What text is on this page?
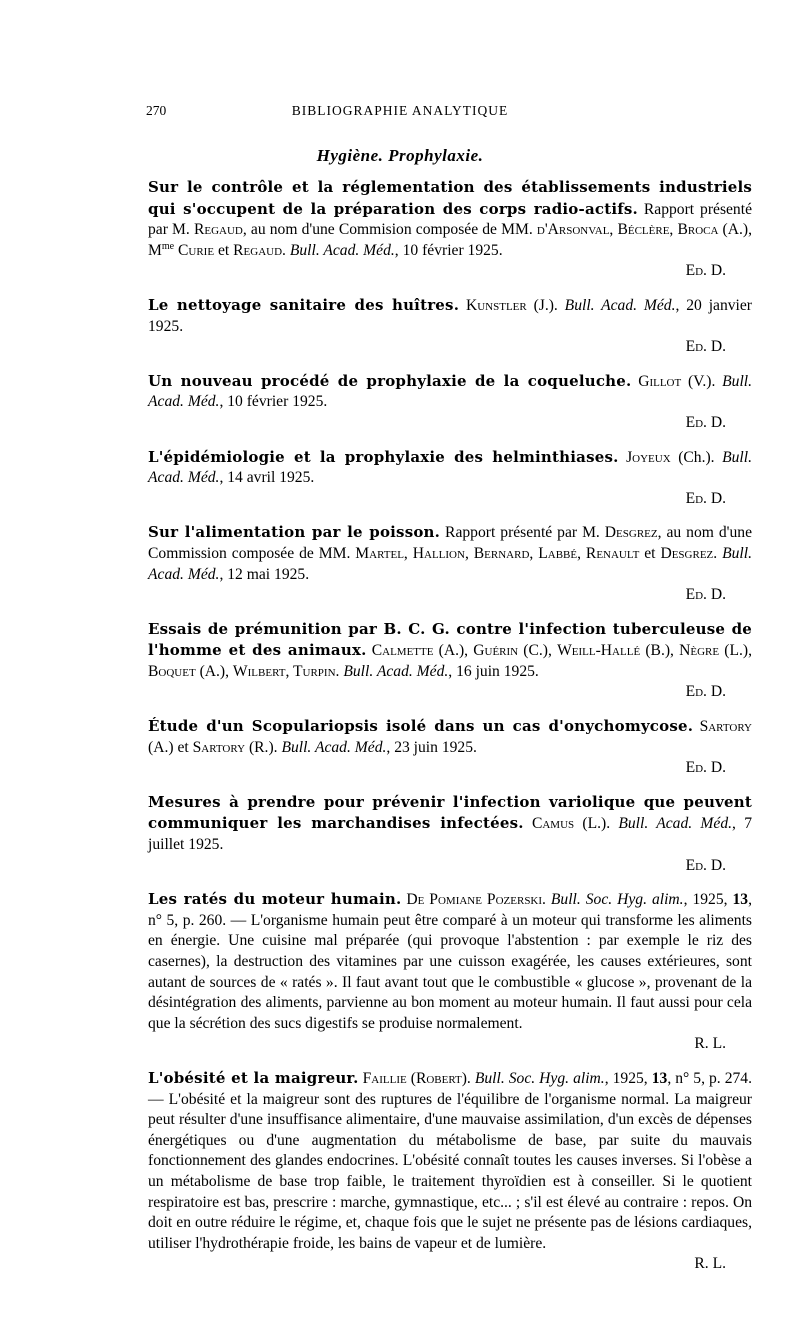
270	BIBLIOGRAPHIE ANALYTIQUE
Hygiène. Prophylaxie.

Sur le contrôle et la réglementation des établissements industriels qui s'occupent de la préparation des corps radio-actifs. Rapport présenté par M. Regaud, au nom d'une Commision composée de MM. d'Arsonval, Béclère, Broca (A.), $M^{me}$ Curie et Regaud. Bull. Acad. Méd., 10 février 1925.
Ed. D.

Le nettoyage sanitaire des huîtres. Kunstler (J.). Bull. Acad. Méd., 20 janvier 1925.
Ed. D.

Un nouveau procédé de prophylaxie de la coqueluche. Gillot (V.). Bull. Acad. Méd., 10 février 1925.
Ed. D.

L'épidémiologie et la prophylaxie des helminthiases. Joyeux (Ch.). Bull. Acad. Méd., 14 avril 1925.
Ed. D.

Sur l'alimentation par le poisson. Rapport présenté par M. Desgrez, au nom d'une Commission composée de MM. Martel, Hallion, Bernard, Labbé, Renault et Desgrez. Bull. Acad. Méd., 12 mai 1925.
Ed. D.

Essais de prémunition par B. C. G. contre l'infection tuberculeuse de l'homme et des animaux. Calmette (A.), Guérin (C.), Weill-Hallé (B.), Nègre (L.), Boquet (A.), Wilbert, Turpin. Bull. Acad. Méd., 16 juin 1925.
Ed. D.

Étude d'un Scopulariopsis isolé dans un cas d'onychomycose. Sartory (A.) et Sartory (R.). Bull. Acad. Méd., 23 juin 1925.
Ed. D.

Mesures à prendre pour prévenir l'infection variolique que peuvent communiquer les marchandises infectées. Camus (L.). Bull. Acad. Méd., 7 juillet 1925.
Ed. D.

Les ratés du moteur humain. De Pomiane Pozerski. Bull. Soc. Hyg. alim., 1925, 13, n° 5, p. 260. — L'organisme humain peut être comparé à un moteur qui transforme les aliments en énergie. Une cuisine mal préparée (qui provoque l'abstention : par exemple le riz des casernes), la destruction des vitamines par une cuisson exagérée, les causes extérieures, sont autant de sources de « ratés ». Il faut avant tout que le combustible « glucose », provenant de la désintégration des aliments, parvienne au bon moment au moteur humain. Il faut aussi pour cela que la sécrétion des sucs digestifs se produise normalement.
R. L.

L'obésité et la maigreur. Faillie (Robert). Bull. Soc. Hyg. alim., 1925, 13, n° 5, p. 274. — L'obésité et la maigreur sont des ruptures de l'équilibre de l'organisme normal. La maigreur peut résulter d'une insuffisance alimentaire, d'une mauvaise assimilation, d'un excès de dépenses énergétiques ou d'une augmentation du métabolisme de base, par suite du mauvais fonctionnement des glandes endocrines. L'obésité connaît toutes les causes inverses. Si l'obèse a un métabolisme de base trop faible, le traitement thyroïdien est à conseiller. Si le quotient respiratoire est bas, prescrire : marche, gymnastique, etc... ; s'il est élevé au contraire : repos. On doit en outre réduire le régime, et, chaque fois que le sujet ne présente pas de lésions cardiaques, utiliser l'hydrothérapie froide, les bains de vapeur et de lumière.
R. L.
